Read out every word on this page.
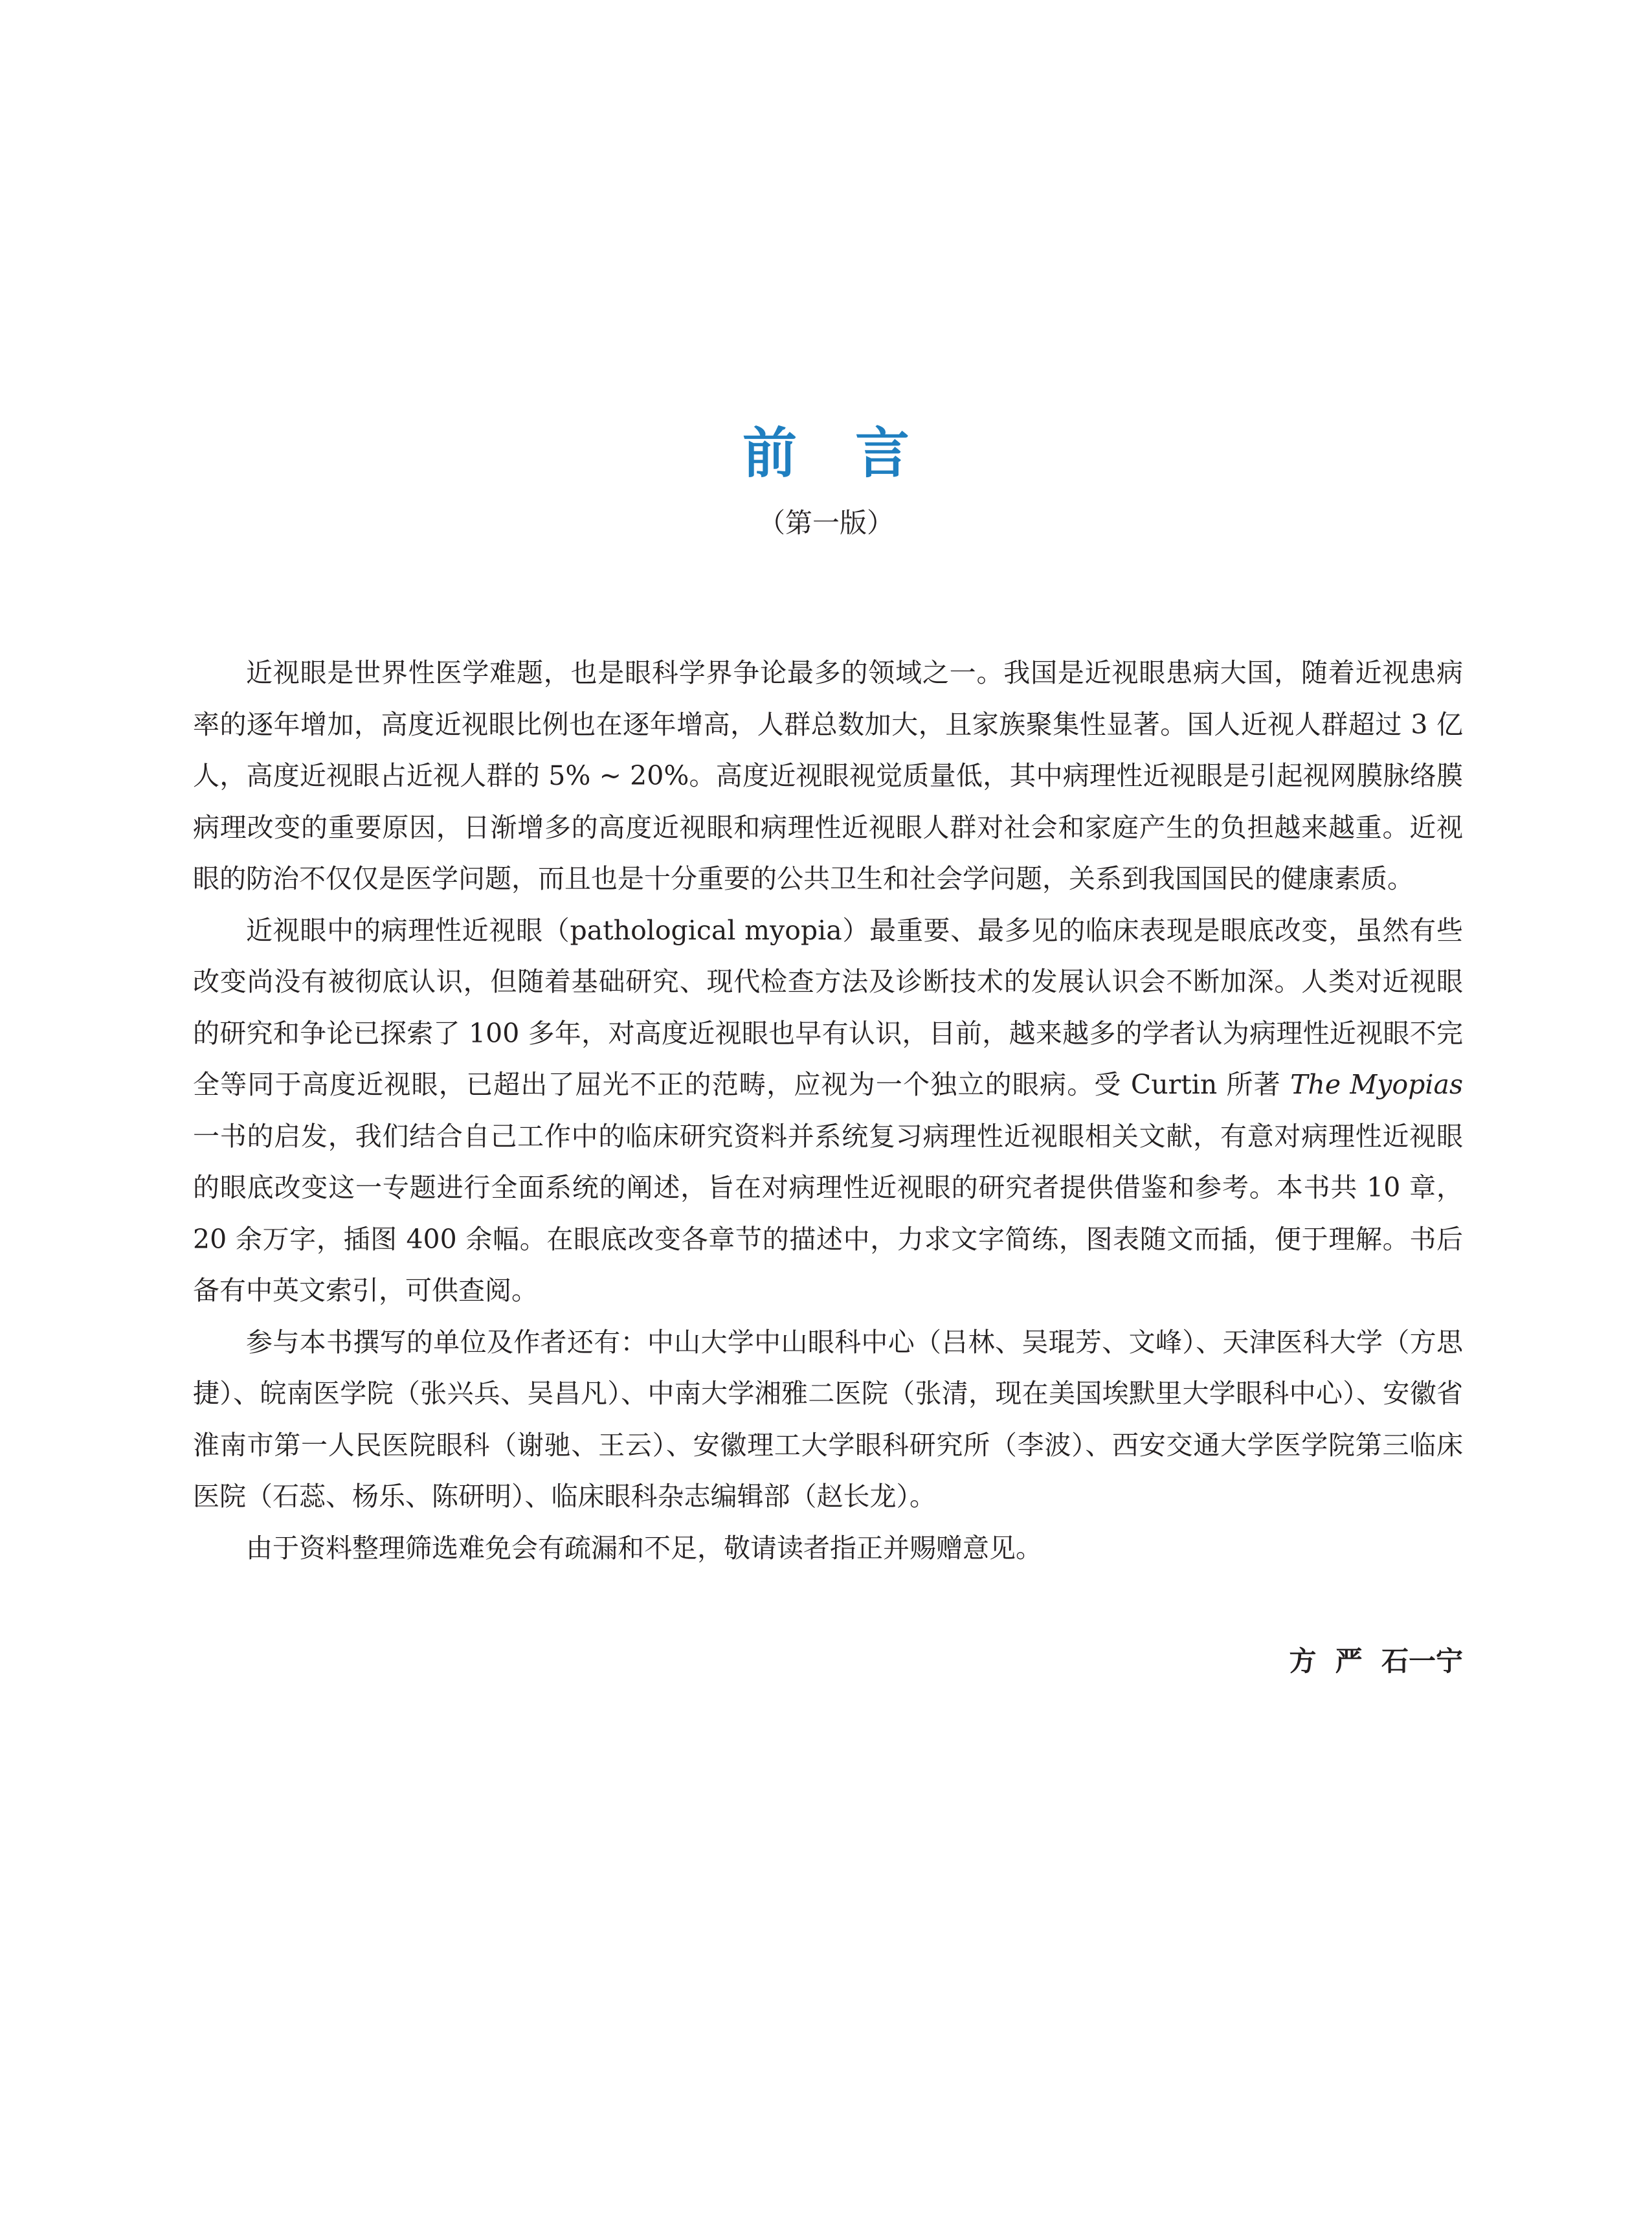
前言
（第一版）

近视眼是世界性医学难题，也是眼科学界争论最多的领域之一。我国是近视眼患病大国，随着近视患病率的逐年增加，高度近视眼比例也在逐年增高，人群总数加大，且家族聚集性显著。国人近视人群超过 3 亿人，高度近视眼占近视人群的 5% ~ 20%。高度近视眼视觉质量低，其中病理性近视眼是引起视网膜脉络膜病理改变的重要原因，日渐增多的高度近视眼和病理性近视眼人群对社会和家庭产生的负担越来越重。近视眼的防治不仅仅是医学问题，而且也是十分重要的公共卫生和社会学问题，关系到我国国民的健康素质。

近视眼中的病理性近视眼（pathological myopia）最重要、最多见的临床表现是眼底改变，虽然有些改变尚没有被彻底认识，但随着基础研究、现代检查方法及诊断技术的发展认识会不断加深。人类对近视眼的研究和争论已探索了 100 多年，对高度近视眼也早有认识，目前，越来越多的学者认为病理性近视眼不完全等同于高度近视眼，已超出了屈光不正的范畴，应视为一个独立的眼病。受 Curtin 所著 The Myopias 一书的启发，我们结合自己工作中的临床研究资料并系统复习病理性近视眼相关文献，有意对病理性近视眼的眼底改变这一专题进行全面系统的阐述，旨在对病理性近视眼的研究者提供借鉴和参考。本书共 10 章，20 余万字，插图 400 余幅。在眼底改变各章节的描述中，力求文字简练，图表随文而插，便于理解。书后备有中英文索引，可供查阅。

参与本书撰写的单位及作者还有：中山大学中山眼科中心（吕林、吴琨芳、文峰）、天津医科大学（方思捷）、皖南医学院（张兴兵、吴昌凡）、中南大学湘雅二医院（张清，现在美国埃默里大学眼科中心）、安徽省淮南市第一人民医院眼科（谢驰、王云）、安徽理工大学眼科研究所（李波）、西安交通大学医学院第三临床医院（石蕊、杨乐、陈研明）、临床眼科杂志编辑部（赵长龙）。

由于资料整理筛选难免会有疏漏和不足，敬请读者指正并赐赠意见。

方  严  石一宁
